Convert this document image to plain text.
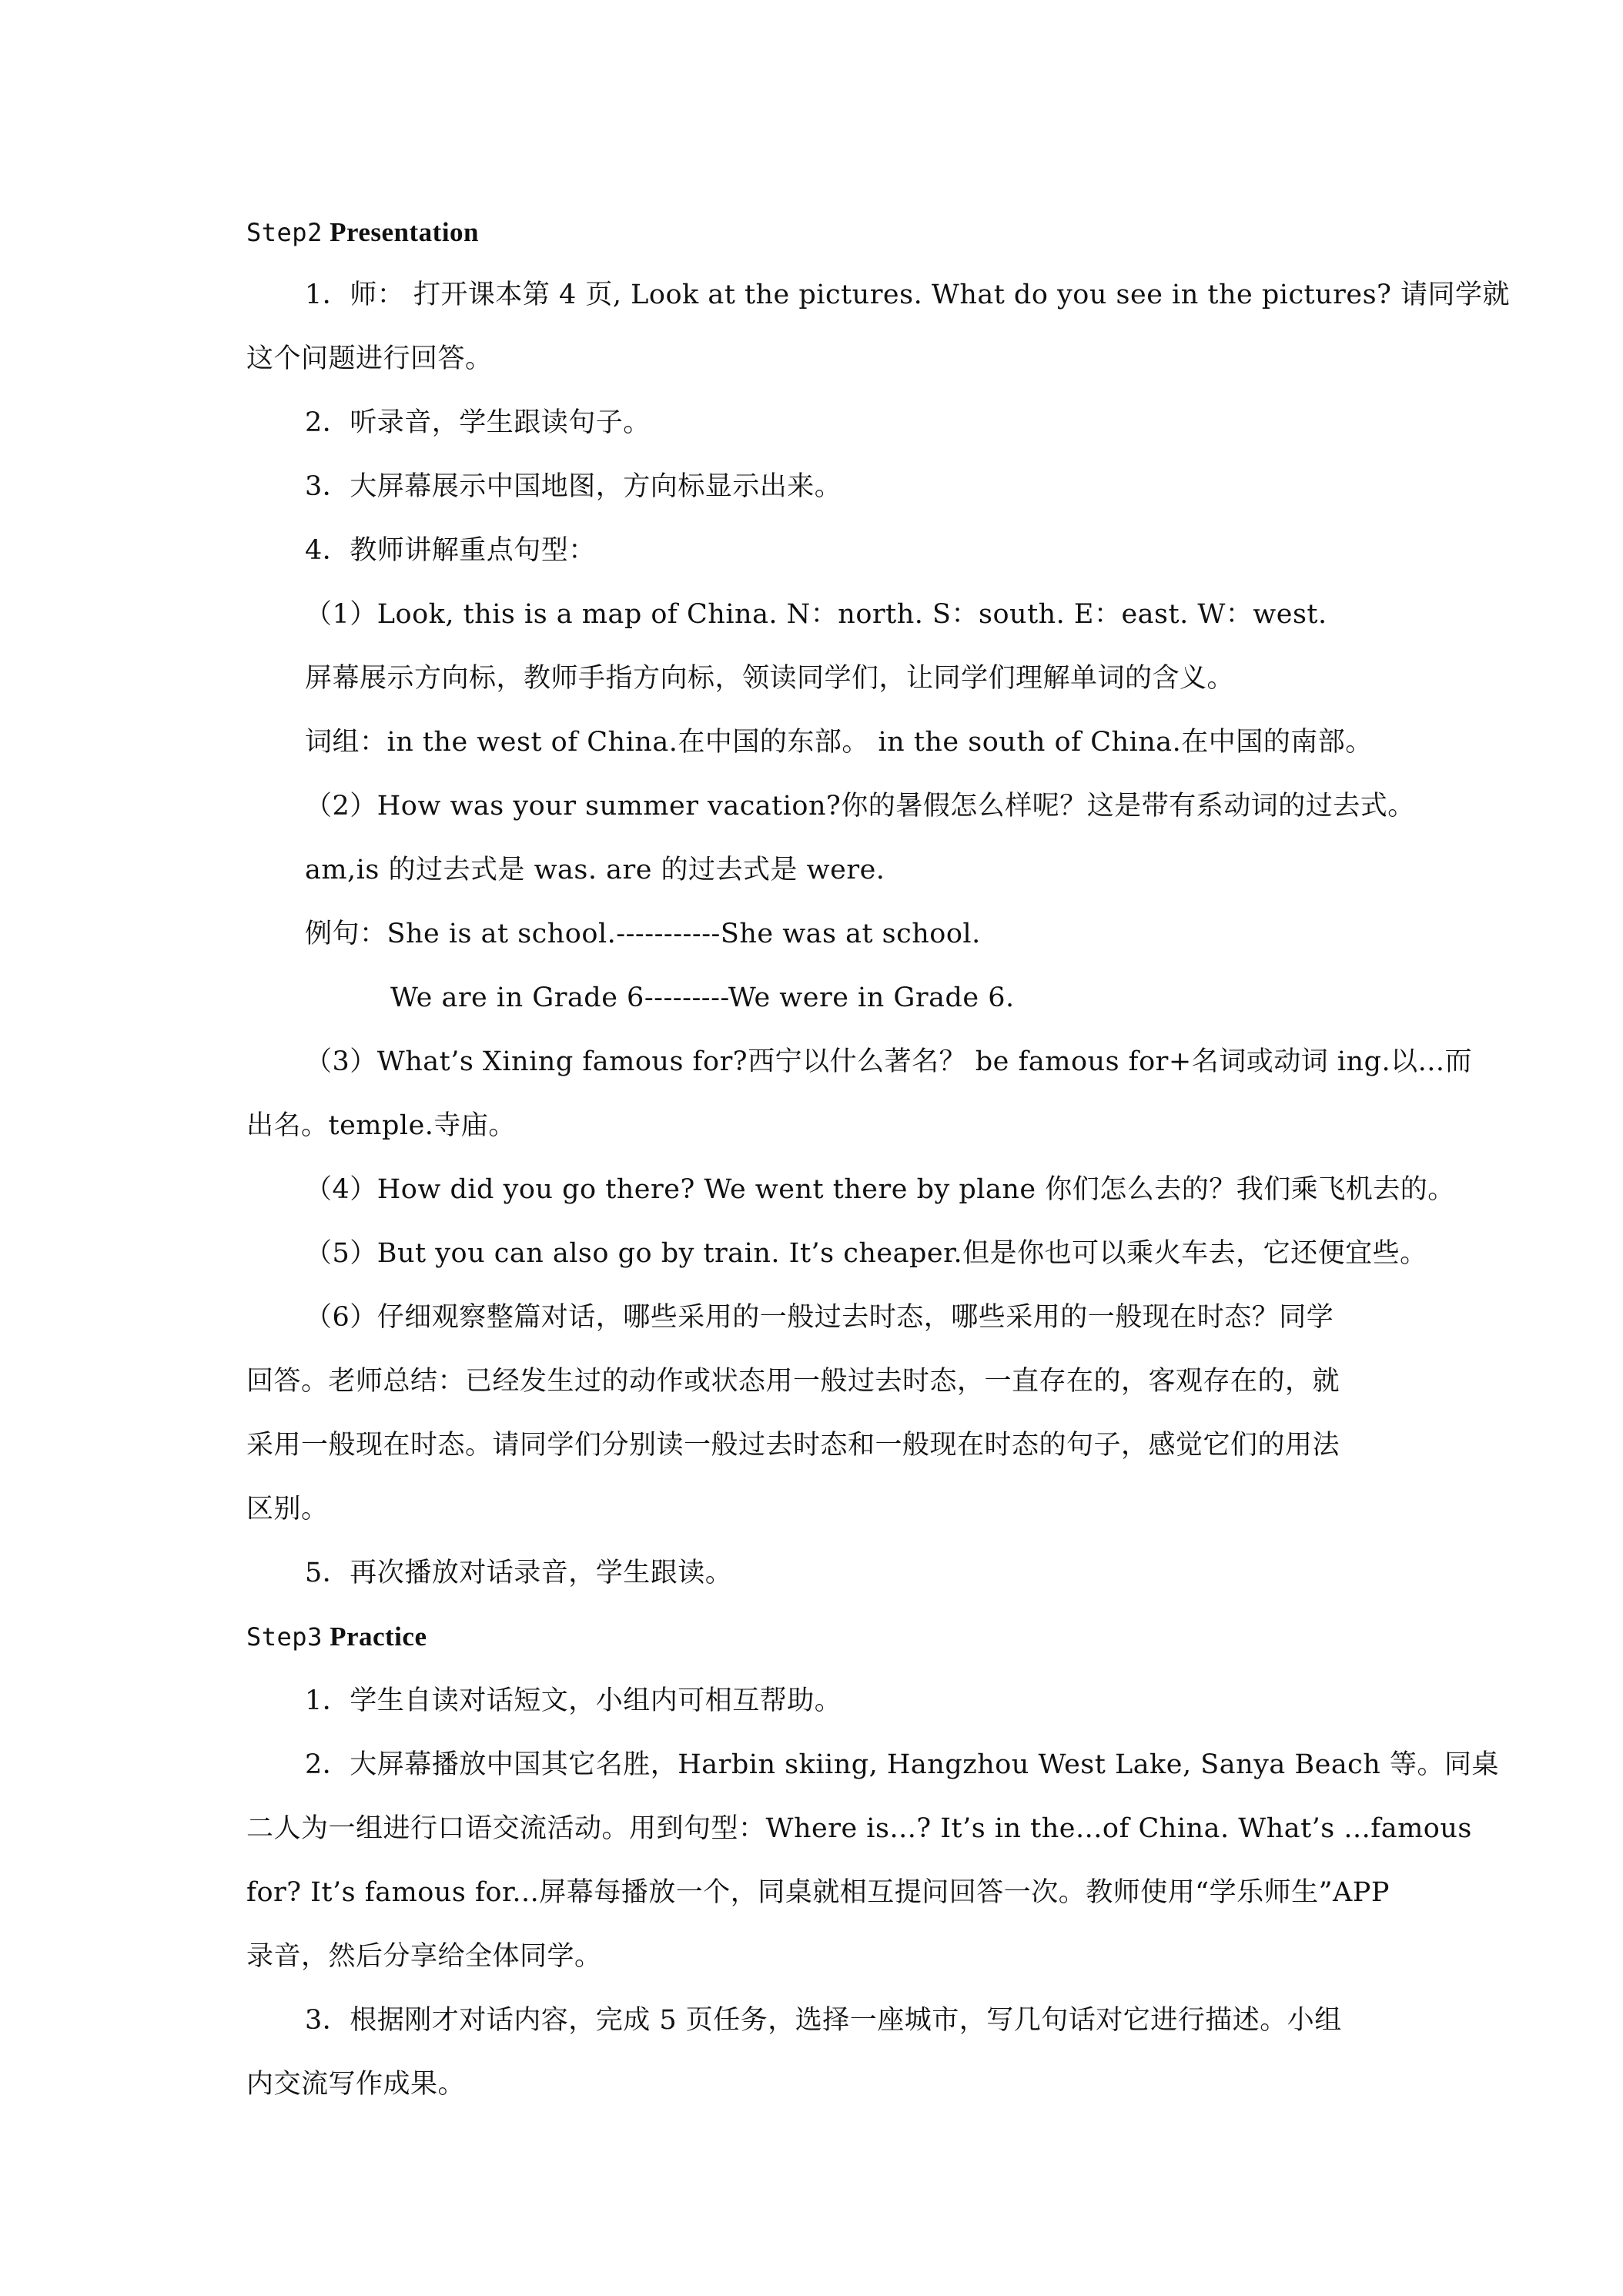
Step2 Presentation
1．师： 打开课本第 4 页, Look at the pictures. What do you see in the pictures? 请同学就
这个问题进行回答。
2．听录音，学生跟读句子。
3．大屏幕展示中国地图，方向标显示出来。
4．教师讲解重点句型：
（1）Look, this is a map of China. N：north. S：south. E：east. W：west.
屏幕展示方向标，教师手指方向标，领读同学们，让同学们理解单词的含义。
词组：in the west of China.在中国的东部。 in the south of China.在中国的南部。
（2）How was your summer vacation?你的暑假怎么样呢？这是带有系动词的过去式。
am,is 的过去式是 was. are 的过去式是 were.
例句：She is at school.-----------She was at school.
We are in Grade 6---------We were in Grade 6.
（3）What’s Xining famous for?西宁以什么著名？ be famous for+名词或动词 ing.以...而
出名。temple.寺庙。
（4）How did you go there? We went there by plane 你们怎么去的？我们乘飞机去的。
（5）But you can also go by train. It’s cheaper.但是你也可以乘火车去，它还便宜些。
（6）仔细观察整篇对话，哪些采用的一般过去时态，哪些采用的一般现在时态？同学
回答。老师总结：已经发生过的动作或状态用一般过去时态，一直存在的，客观存在的，就
采用一般现在时态。请同学们分别读一般过去时态和一般现在时态的句子，感觉它们的用法
区别。
5．再次播放对话录音，学生跟读。
Step3 Practice
1．学生自读对话短文，小组内可相互帮助。
2．大屏幕播放中国其它名胜，Harbin skiing, Hangzhou West Lake, Sanya Beach 等。同桌
二人为一组进行口语交流活动。用到句型：Where is...? It’s in the...of China. What’s ...famous
for? It’s famous for...屏幕每播放一个，同桌就相互提问回答一次。教师使用“学乐师生”APP
录音，然后分享给全体同学。
3．根据刚才对话内容，完成 5 页任务，选择一座城市，写几句话对它进行描述。小组
内交流写作成果。
